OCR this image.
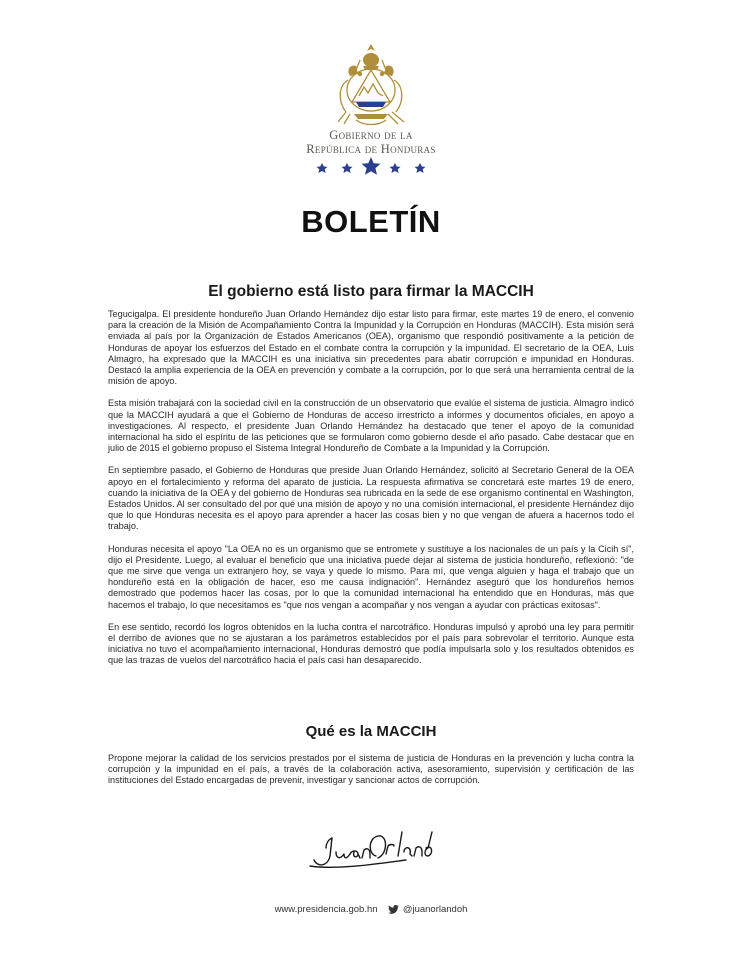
Gobierno de la
República de Honduras
BOLETÍN
El gobierno está listo para firmar la MACCIH

Tegucigalpa. El presidente hondureño Juan Orlando Hernández dijo estar listo para firmar, este martes 19 de enero, el convenio para la creación de la Misión de Acompañamiento Contra la Impunidad y la Corrupción en Honduras (MACCIH). Esta misión será enviada al país por la Organización de Estados Americanos (OEA), organismo que respondió positivamente a la petición de Honduras de apoyar los esfuerzos del Estado en el combate contra la corrupción y la impunidad. El secretario de la OEA, Luis Almagro, ha expresado que la MACCIH es una iniciativa sin precedentes para abatir corrupción e impunidad en Honduras. Destacó la amplia experiencia de la OEA en prevención y combate a la corrupción, por lo que será una herramienta central de la misión de apoyo.

Esta misión trabajará con la sociedad civil en la construcción de un observatorio que evalúe el sistema de justicia. Almagro indicó que la MACCIH ayudará a que el Gobierno de Honduras de acceso irrestricto a informes y documentos oficiales, en apoyo a investigaciones. Al respecto, el presidente Juan Orlando Hernández ha destacado que tener el apoyo de la comunidad internacional ha sido el espíritu de las peticiones que se formularon como gobierno desde el año pasado. Cabe destacar que en julio de 2015 el gobierno propuso el Sistema Integral Hondureño de Combate a la Impunidad y la Corrupción.

En septiembre pasado, el Gobierno de Honduras que preside Juan Orlando Hernández, solicitó al Secretario General de la OEA apoyo en el fortalecimiento y reforma del aparato de justicia. La respuesta afirmativa se concretará este martes 19 de enero, cuando la iniciativa de la OEA y del gobierno de Honduras sea rubricada en la sede de ese organismo continental en Washington, Estados Unidos. Al ser consultado del por qué una misión de apoyo y no una comisión internacional, el presidente Hernández dijo que lo que Honduras necesita es el apoyo para aprender a hacer las cosas bien y no que vengan de afuera a hacernos todo el trabajo.

Honduras necesita el apoyo "La OEA no es un organismo que se entromete y sustituye a los nacionales de un país y la Cicih sí", dijo el Presidente. Luego, al evaluar el beneficio que una iniciativa puede dejar al sistema de justicia hondureño, reflexionó: "de que me sirve que venga un extranjero hoy, se vaya y quede lo mismo. Para mí, que venga alguien y haga el trabajo que un hondureño está en la obligación de hacer, eso me causa indignación". Hernández aseguró que los hondureños hemos demostrado que podemos hacer las cosas, por lo que la comunidad internacional ha entendido que en Honduras, más que hacemos el trabajo, lo que necesitamos es "que nos vengan a acompañar y nos vengan a ayudar con prácticas exitosas".

En ese sentido, recordó los logros obtenidos en la lucha contra el narcotráfico. Honduras impulsó y aprobó una ley para permitir el derribo de aviones que no se ajustaran a los parámetros establecidos por el país para sobrevolar el territorio. Aunque esta iniciativa no tuvo el acompañamiento internacional, Honduras demostró que podía impulsarla solo y los resultados obtenidos es que las trazas de vuelos del narcotráfico hacia el país casi han desaparecido.

Qué es la MACCIH

Propone mejorar la calidad de los servicios prestados por el sistema de justicia de Honduras en la prevención y lucha contra la corrupción y la impunidad en el país, a través de la colaboración activa, asesoramiento, supervisión y certificación de las instituciones del Estado encargadas de prevenir, investigar y sancionar actos de corrupción.

www.presidencia.gob.hn	@juanorlandoh
